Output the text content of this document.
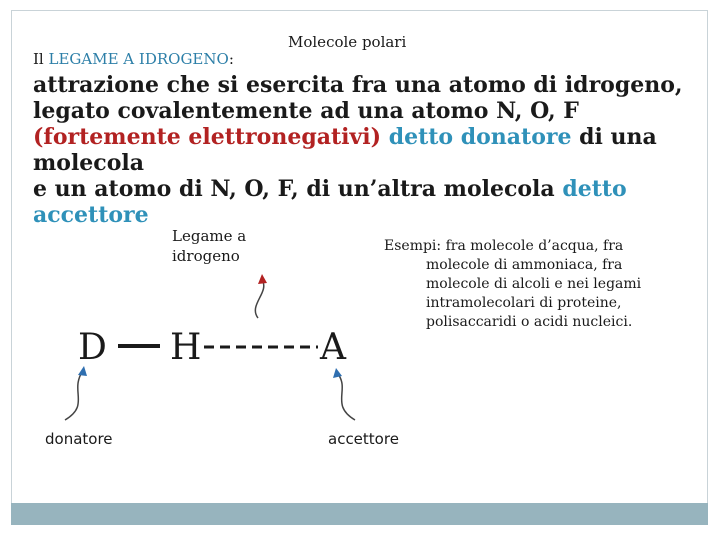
Molecole polari
Il LEGAME A IDROGENO:
attrazione che si esercita fra una atomo di idrogeno,
legato covalentemente ad una atomo N, O, F
(fortemente elettronegativi) detto donatore di una
molecola
e un atomo di N, O, F, di un’altra molecola detto
accettore
Legame a
idrogeno
Esempi: fra molecole d’acqua, fra
molecole di ammoniaca, fra
molecole di alcoli e nei legami
intramolecolari di proteine,
polisaccaridi o acidi nucleici.
D H	A
donatore	accettore
